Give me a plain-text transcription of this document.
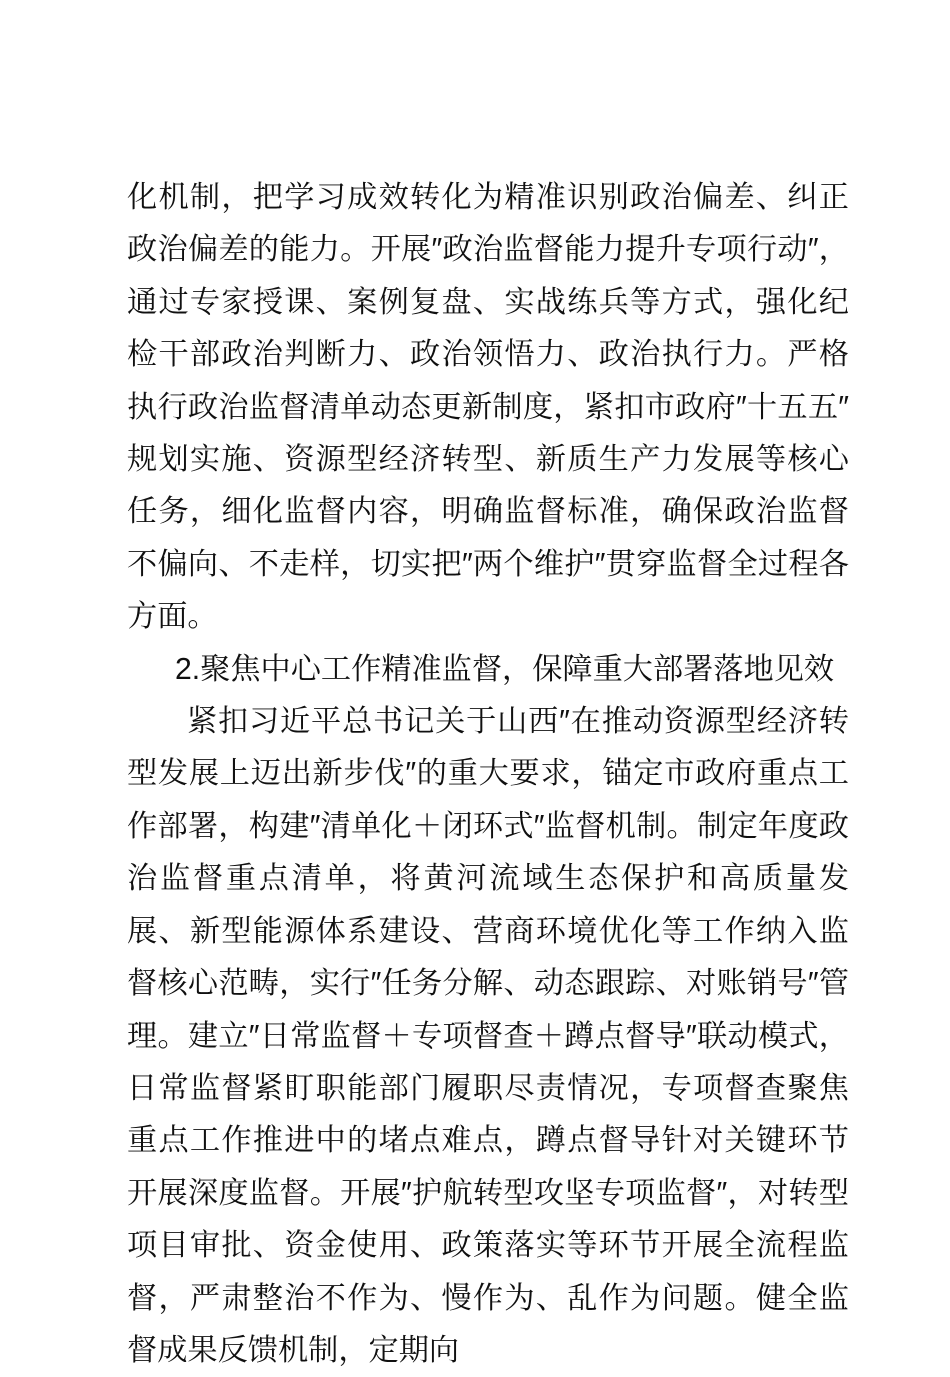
化机制，把学习成效转化为精准识别政治偏差、纠正政治偏差的能力。开展″政治监督能力提升专项行动″，通过专家授课、案例复盘、实战练兵等方式，强化纪检干部政治判断力、政治领悟力、政治执行力。严格执行政治监督清单动态更新制度，紧扣市政府″十五五″规划实施、资源型经济转型、新质生产力发展等核心任务，细化监督内容，明确监督标准，确保政治监督不偏向、不走样，切实把″两个维护″贯穿监督全过程各方面。

2.聚焦中心工作精准监督，保障重大部署落地见效

紧扣习近平总书记关于山西″在推动资源型经济转型发展上迈出新步伐″的重大要求，锚定市政府重点工作部署，构建″清单化＋闭环式″监督机制。制定年度政治监督重点清单，将黄河流域生态保护和高质量发展、新型能源体系建设、营商环境优化等工作纳入监督核心范畴，实行″任务分解、动态跟踪、对账销号″管理。建立″日常监督＋专项督查＋蹲点督导″联动模式，日常监督紧盯职能部门履职尽责情况，专项督查聚焦重点工作推进中的堵点难点，蹲点督导针对关键环节开展深度监督。开展″护航转型攻坚专项监督″，对转型项目审批、资金使用、政策落实等环节开展全流程监督，严肃整治不作为、慢作为、乱作为问题。健全监督成果反馈机制，定期向
